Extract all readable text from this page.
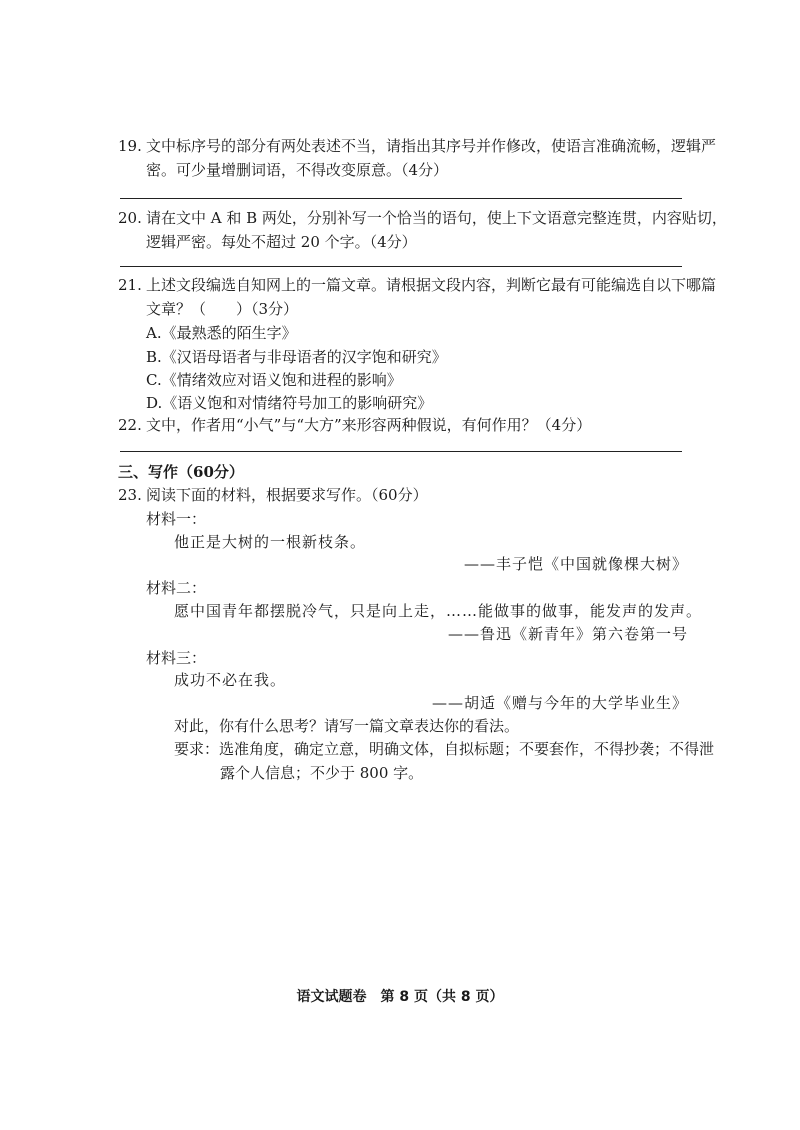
19. 文中标序号的部分有两处表述不当，请指出其序号并作修改，使语言准确流畅，逻辑严
密。可少量增删词语，不得改变原意。（4分）
20. 请在文中 A 和 B 两处，分别补写一个恰当的语句，使上下文语意完整连贯，内容贴切，
逻辑严密。每处不超过 20 个字。（4分）
21. 上述文段编选自知网上的一篇文章。请根据文段内容，判断它最有可能编选自以下哪篇
文章？（　　）（3分）
A.《最熟悉的陌生字》
B.《汉语母语者与非母语者的汉字饱和研究》
C.《情绪效应对语义饱和进程的影响》
D.《语义饱和对情绪符号加工的影响研究》
22. 文中，作者用“小气”与“大方”来形容两种假说，有何作用？（4分）
三、写作（60分）
23. 阅读下面的材料，根据要求写作。（60分）
材料一：
他正是大树的一根新枝条。
——丰子恺《中国就像棵大树》
材料二：
愿中国青年都摆脱冷气，只是向上走，……能做事的做事，能发声的发声。
——鲁迅《新青年》第六卷第一号
材料三：
成功不必在我。
——胡适《赠与今年的大学毕业生》
对此，你有什么思考？请写一篇文章表达你的看法。
要求：选准角度，确定立意，明确文体，自拟标题；不要套作，不得抄袭；不得泄
露个人信息；不少于 800 字。
语文试题卷　第 8 页（共 8 页）
